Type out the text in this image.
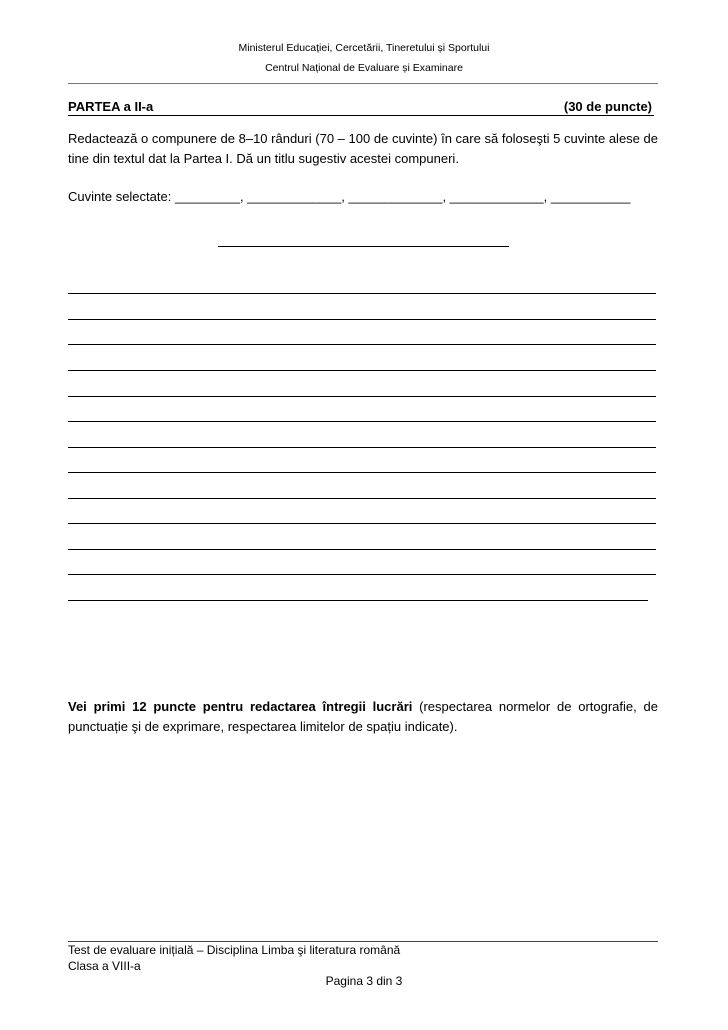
Ministerul Educației, Cercetării, Tineretului și Sportului
Centrul Național de Evaluare și Examinare
PARTEA a II-a	(30 de puncte)
Redactează o compunere de 8–10 rânduri (70 – 100 de cuvinte) în care să foloseşti 5 cuvinte alese de tine din textul dat la Partea I. Dă un titlu sugestiv acestei compuneri.
Cuvinte selectate: _________, _____________, _____________, _____________, ___________
Vei primi 12 puncte pentru redactarea întregii lucrări (respectarea normelor de ortografie, de punctuație şi de exprimare, respectarea limitelor de spațiu indicate).
Test de evaluare inițială – Disciplina Limba şi literatura română
Clasa a VIII-a
Pagina 3 din 3
